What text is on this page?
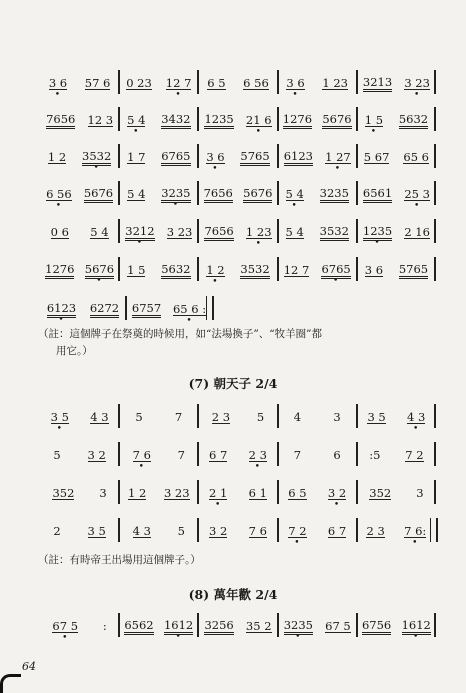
3 6
•
57 6 0 23 12 7
•
6 5 6 56 3 6
•
1 23 3213 3 23
•
7656 12 3 5 4
•
3432 1235 21 6
•
1276 5676 1 5
•
5632
1 2 3532
•
1 7 6765 3 6
•
5765 6123 1 27
•
5 67 65 6
6 56
•
5676 5 4 3235
•
7656 5676 5 4
•
3235 6561 25 3
•
0 6 5 4 3212
•
3 23 7656 1 23
•
5 4 3532 1235
•
2 16
1276 5676
•
1 5 5632 1 2
•
3532 12 7 6765
•
3 6 5765
6123
•
6272 6757 65 6 :
•
（註：這個牌子在祭奠的時候用，如“法場換子”、“牧羊圈”都
用它。）
(7) 朝天子 2/4
3 5
•
4 3 5	7	2 3 5	4	3 3 5 4 3
•
5 3 2 7 6
•
7 6 7 2 3
•
7	6 :5 7 2
352 3 1 2 3 23 2 1
•
6 1 6 5 3 2
•
352 3
2 3 5 4 3 5 3 2 7 6 7 2
•
6 7 2 3 7 6:
•
（註：有時帝王出場用這個牌子。）
(8) 萬年歡 2/4
67 5
•
: 6562 1612
•
3256 35 2 3235
•
67 5 6756 1612
•
64
